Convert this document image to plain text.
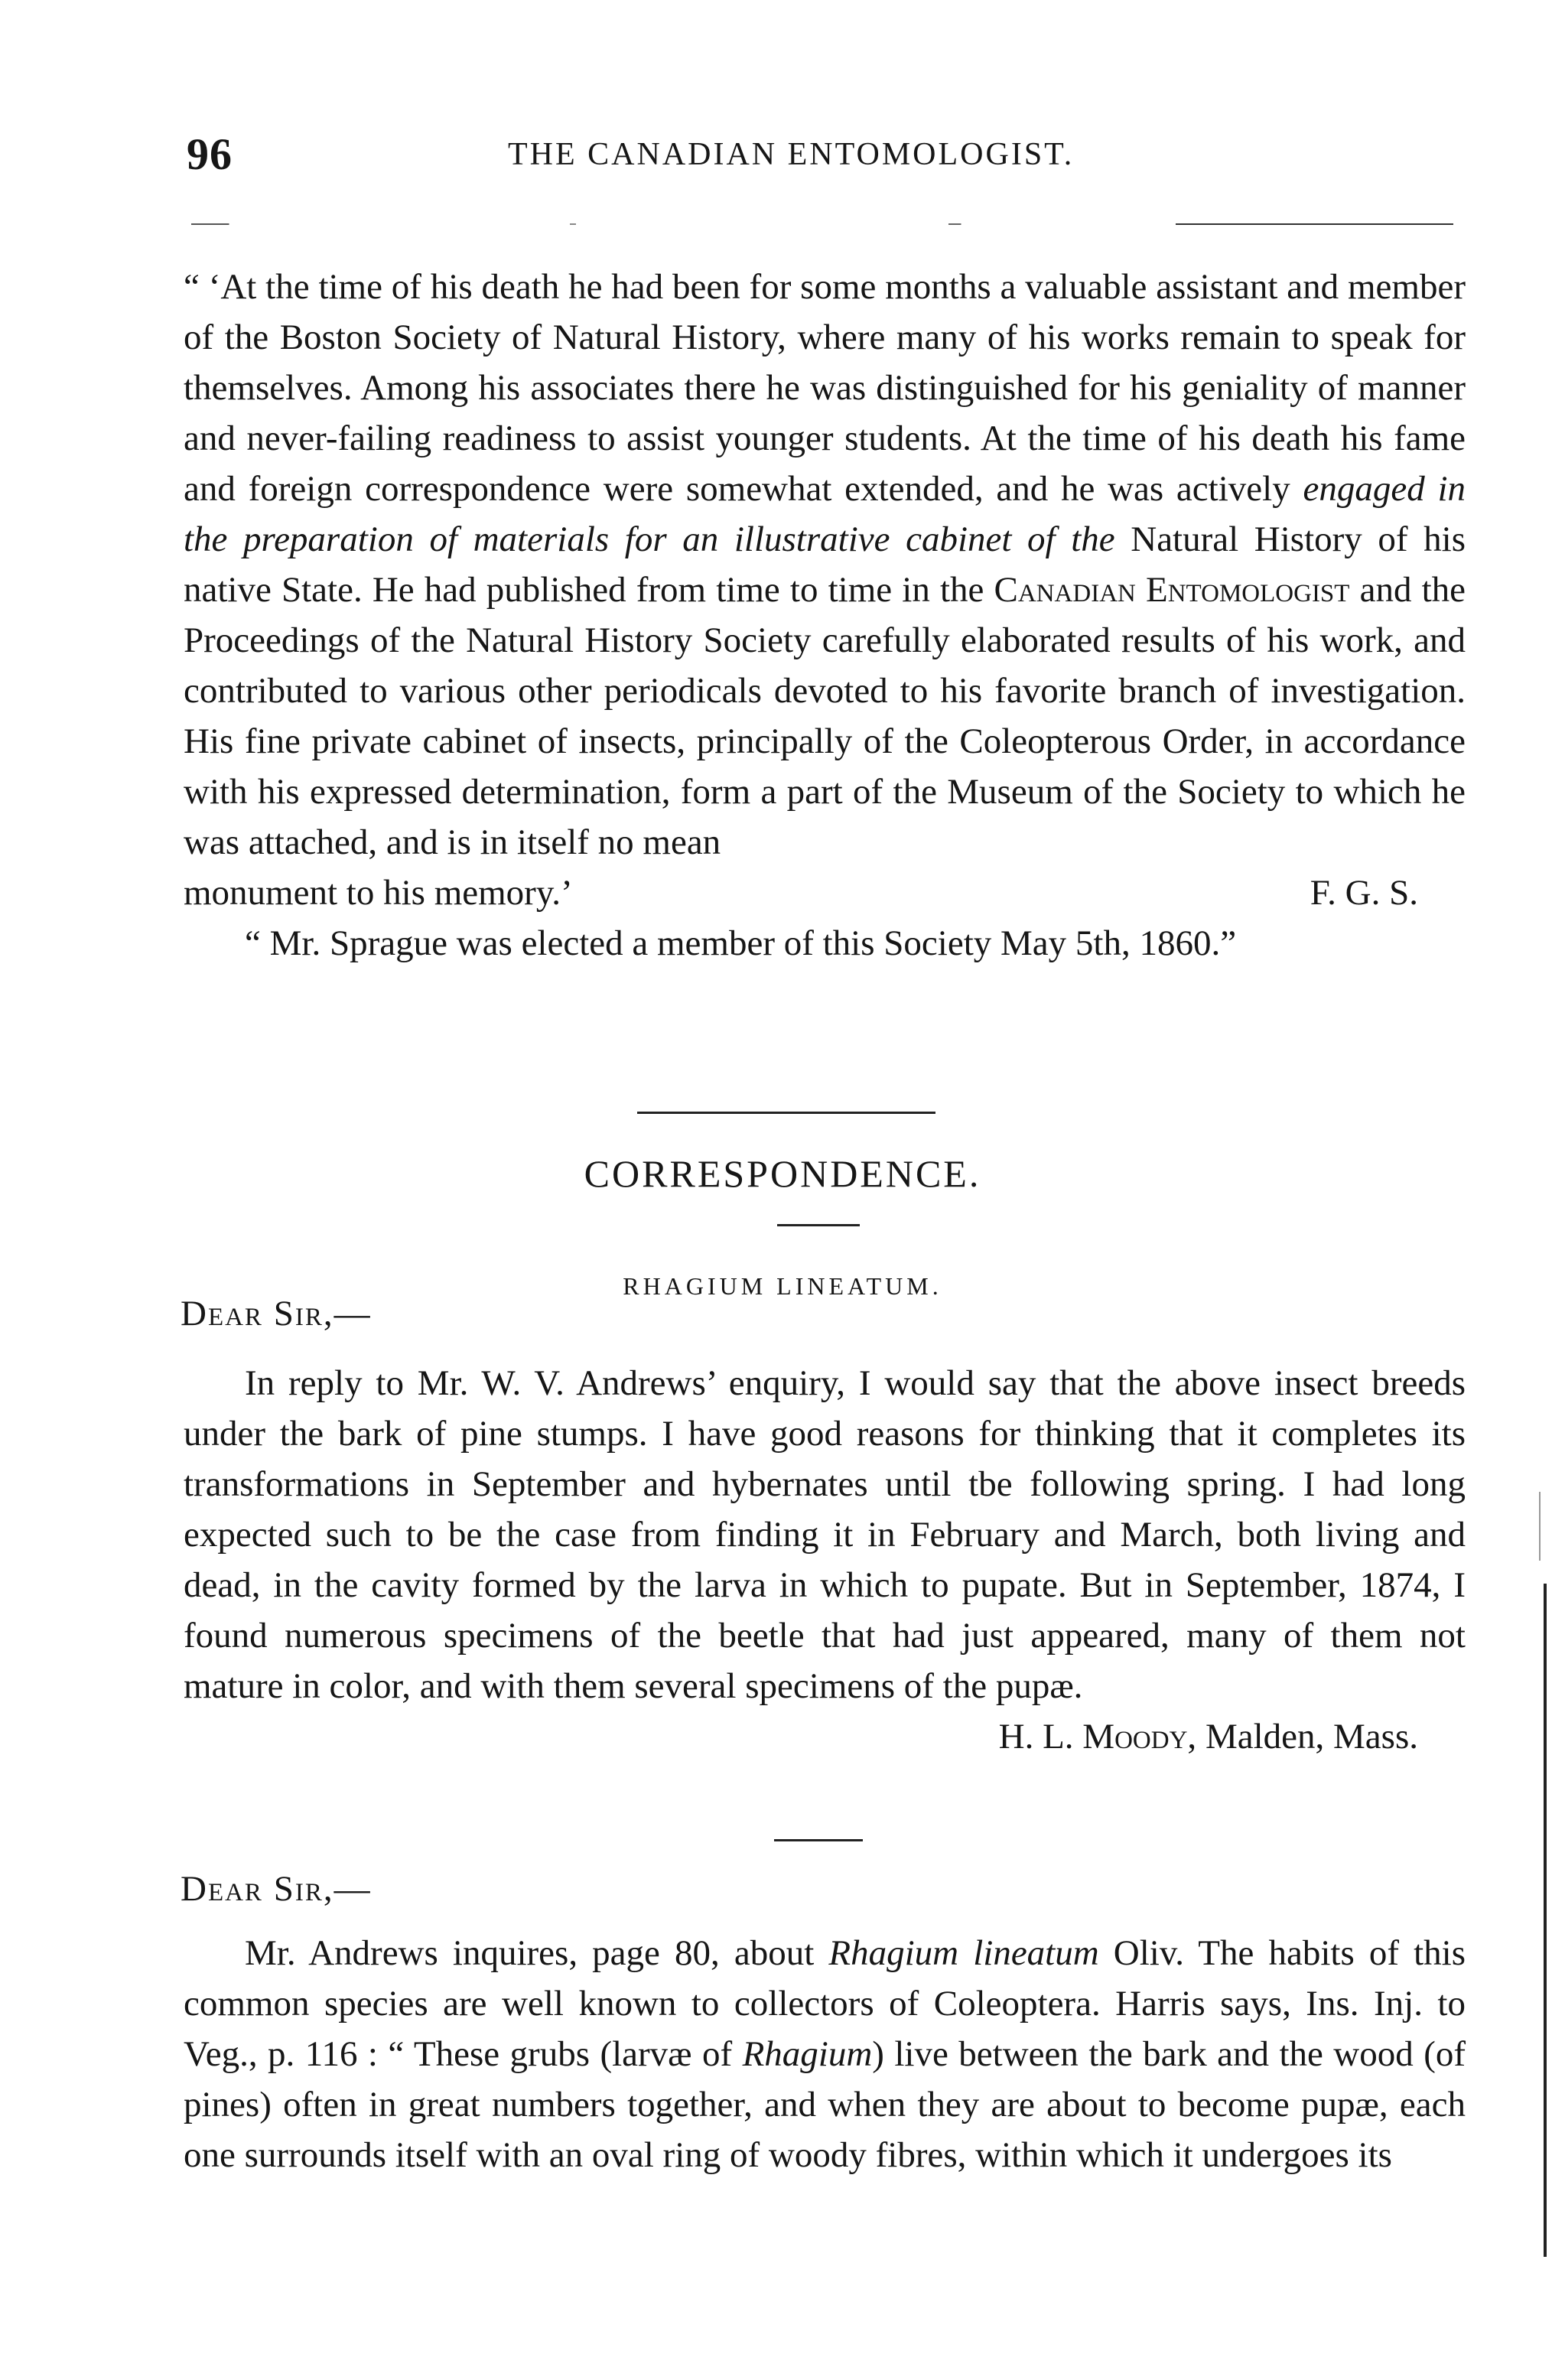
96	THE CANADIAN ENTOMOLOGIST.

“ ‘At the time of his death he had been for some months a valuable assistant and member of the Boston Society of Natural History, where many of his works remain to speak for themselves. Among his associates there he was distinguished for his geniality of manner and never-failing readiness to assist younger students. At the time of his death his fame and foreign correspondence were somewhat extended, and he was actively engaged in the preparation of materials for an illustrative cabinet of the Natural History of his native State. He had published from time to time in the Canadian Entomologist and the Proceedings of the Natural History Society carefully elaborated results of his work, and contributed to various other periodicals devoted to his favorite branch of investigation. His fine private cabinet of insects, principally of the Coleopterous Order, in accordance with his expressed determination, form a part of the Museum of the Society to which he was attached, and is in itself no mean

monument to his memory.’	F. G. S.

“ Mr. Sprague was elected a member of this Society May 5th, 1860.”

CORRESPONDENCE.
RHAGIUM LINEATUM.
Dear Sir,—

In reply to Mr. W. V. Andrews’ enquiry, I would say that the above insect breeds under the bark of pine stumps. I have good reasons for thinking that it completes its transformations in September and hybernates until tbe following spring. I had long expected such to be the case from finding it in February and March, both living and dead, in the cavity formed by the larva in which to pupate. But in September, 1874, I found numerous specimens of the beetle that had just appeared, many of them not mature in color, and with them several specimens of the pupæ.

H. L. Moody, Malden, Mass.

Dear Sir,—

Mr. Andrews inquires, page 80, about Rhagium lineatum Oliv. The habits of this common species are well known to collectors of Coleoptera. Harris says, Ins. Inj. to Veg., p. 116 : “ These grubs (larvæ of Rhagium) live between the bark and the wood (of pines) often in great numbers together, and when they are about to become pupæ, each one surrounds itself with an oval ring of woody fibres, within which it undergoes its
